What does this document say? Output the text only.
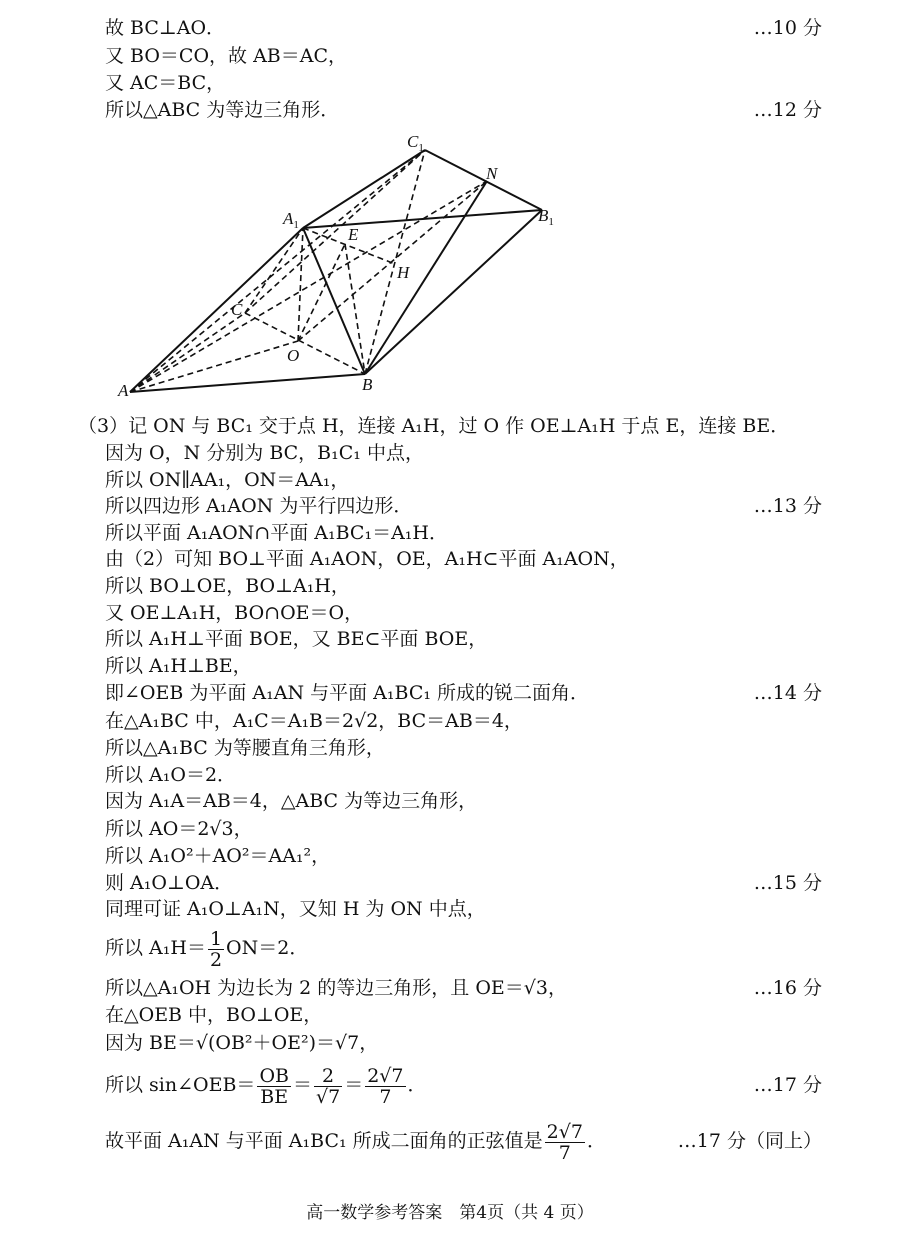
故 BC⊥AO．	…10 分
又 BO＝CO，故 AB＝AC，
又 AC＝BC，
所以△ABC 为等边三角形．	…12 分
A	B
C
O
E
H
N
$A_1$	$B_1$
$C_1$
（3）记 ON 与 BC₁ 交于点 H，连接 A₁H，过 O 作 OE⊥A₁H 于点 E，连接 BE．
因为 O，N 分别为 BC，B₁C₁ 中点，
所以 ON∥AA₁，ON＝AA₁，
所以四边形 A₁AON 为平行四边形．	…13 分
所以平面 A₁AON∩平面 A₁BC₁＝A₁H．
由（2）可知 BO⊥平面 A₁AON，OE，A₁H⊂平面 A₁AON，
所以 BO⊥OE，BO⊥A₁H，
又 OE⊥A₁H，BO∩OE＝O，
所以 A₁H⊥平面 BOE，又 BE⊂平面 BOE，
所以 A₁H⊥BE，
即∠OEB 为平面 A₁AN 与平面 A₁BC₁ 所成的锐二面角．	…14 分
在△A₁BC 中，A₁C＝A₁B＝2√2，BC＝AB＝4，
所以△A₁BC 为等腰直角三角形，
所以 A₁O＝2．
因为 A₁A＝AB＝4，△ABC 为等边三角形，
所以 AO＝2√3，
所以 A₁O²＋AO²＝AA₁²，
则 A₁O⊥OA．	…15 分
同理可证 A₁O⊥A₁N，又知 H 为 ON 中点，
所以 $A_1H= \frac{1}{2} ON=2$．
所以△A₁OH 为边长为 2 的等边三角形，且 OE＝√3，	…16 分
在△OEB 中，BO⊥OE，
因为 BE＝√(OB²＋OE²)＝√7，
所以 sin∠OEB＝ $\frac{OB}{BE} = \frac{2}{√7} = \frac{2√7}{7}$ ．	…17 分
故平面 A₁AN 与平面 A₁BC₁ 所成二面角的正弦值是 $\frac{2√7}{7}$ ．	…17 分（同上）
高一数学参考答案　第4页（共 4 页）
